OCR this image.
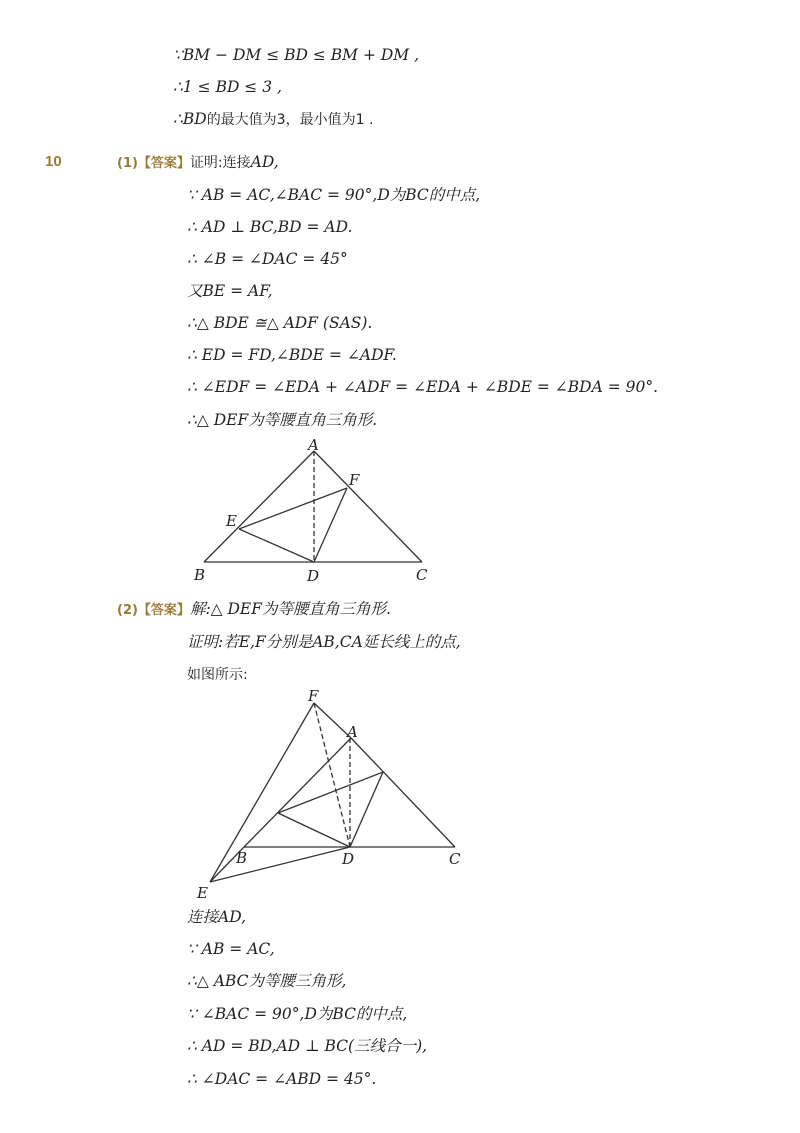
∵BM − DM ≤ BD ≤ BM + DM ,
∴1 ≤ BD ≤ 3 ,
∴BD的最大值为3，最小值为1 .
10	(1)【答案】证明:连接AD,
∵ AB = AC,∠BAC = 90°,D为BC的中点,
∴ AD ⊥ BC,BD = AD.
∴ ∠B = ∠DAC = 45°
又BE = AF,
∴△ BDE ≅△ ADF (SAS).
∴ ED = FD,∠BDE = ∠ADF.
∴ ∠EDF = ∠EDA + ∠ADF = ∠EDA + ∠BDE = ∠BDA = 90°.
∴△ DEF为等腰直角三角形.
A
B	C
D
E
F
(2)【答案】解:△ DEF为等腰直角三角形.
证明:若E,F分别是AB,CA延长线上的点,
如图所示:
F
A
B	D	C
E
连接AD,
∵ AB = AC,
∴△ ABC为等腰三角形,
∵ ∠BAC = 90°,D为BC的中点,
∴ AD = BD,AD ⊥ BC(三线合一),
∴ ∠DAC = ∠ABD = 45°.
